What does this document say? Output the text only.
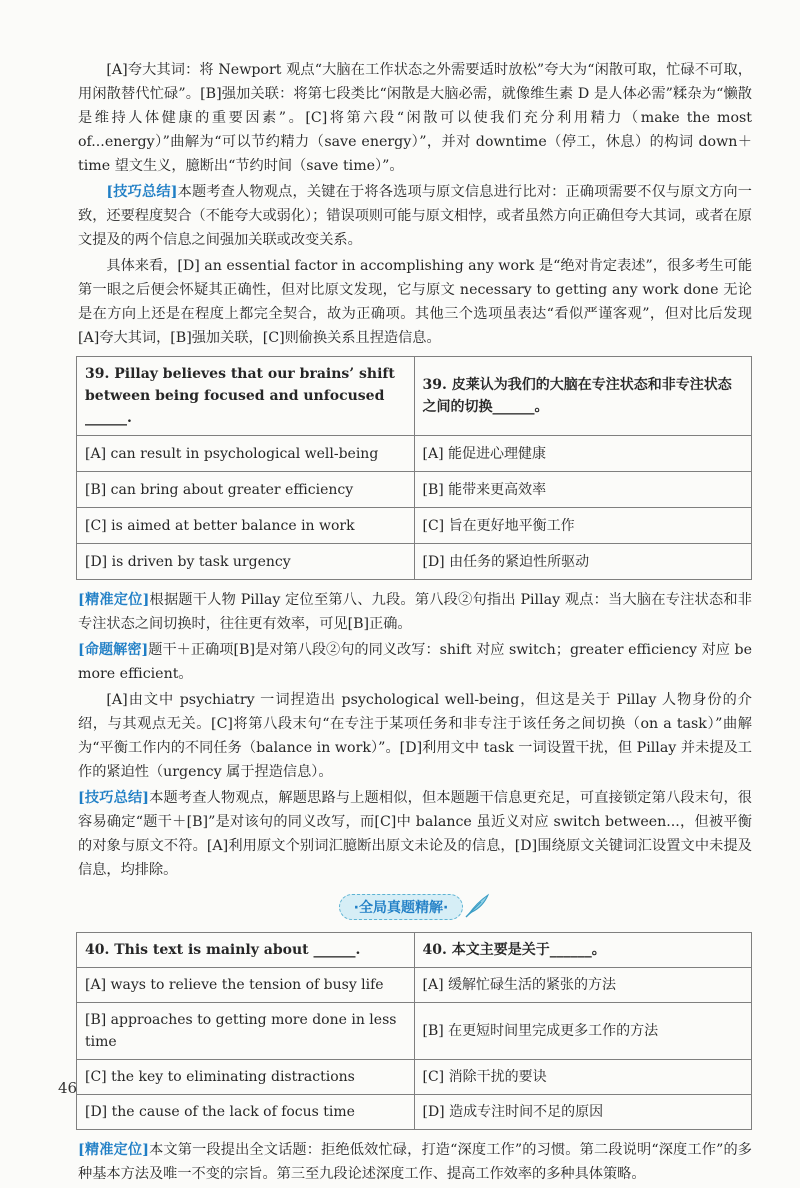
[A]夸大其词：将 Newport 观点“大脑在工作状态之外需要适时放松”夸大为“闲散可取，忙碌不可取，用闲散替代忙碌”。[B]强加关联：将第七段类比“闲散是大脑必需，就像维生素 D 是人体必需”糅杂为“懒散是维持人体健康的重要因素”。[C]将第六段“闲散可以使我们充分利用精力（make the most of...energy）”曲解为“可以节约精力（save energy）”，并对 downtime（停工，休息）的构词 down＋time 望文生义，臆断出“节约时间（save time）”。

[技巧总结]本题考查人物观点，关键在于将各选项与原文信息进行比对：正确项需要不仅与原文方向一致，还要程度契合（不能夸大或弱化）；错误项则可能与原文相悖，或者虽然方向正确但夸大其词，或者在原文提及的两个信息之间强加关联或改变关系。

具体来看，[D] an essential factor in accomplishing any work 是“绝对肯定表述”，很多考生可能第一眼之后便会怀疑其正确性，但对比原文发现，它与原文 necessary to getting any work done 无论是在方向上还是在程度上都完全契合，故为正确项。其他三个选项虽表达“看似严谨客观”，但对比后发现[A]夸大其词，[B]强加关联，[C]则偷换关系且捏造信息。

39. Pillay believes that our brains’ shift between being focused and unfocused ______.	39. 皮莱认为我们的大脑在专注状态和非专注状态之间的切换______。
[A] can result in psychological well-being	[A] 能促进心理健康
[B] can bring about greater efficiency	[B] 能带来更高效率
[C] is aimed at better balance in work	[C] 旨在更好地平衡工作
[D] is driven by task urgency	[D] 由任务的紧迫性所驱动

[精准定位]根据题干人物 Pillay 定位至第八、九段。第八段②句指出 Pillay 观点：当大脑在专注状态和非专注状态之间切换时，往往更有效率，可见[B]正确。

[命题解密]题干＋正确项[B]是对第八段②句的同义改写：shift 对应 switch；greater efficiency 对应 be more efficient。

[A]由文中 psychiatry 一词捏造出 psychological well-being，但这是关于 Pillay 人物身份的介绍，与其观点无关。[C]将第八段末句“在专注于某项任务和非专注于该任务之间切换（on a task）”曲解为“平衡工作内的不同任务（balance in work）”。[D]利用文中 task 一词设置干扰，但 Pillay 并未提及工作的紧迫性（urgency 属于捏造信息）。

[技巧总结]本题考查人物观点，解题思路与上题相似，但本题题干信息更充足，可直接锁定第八段末句，很容易确定“题干＋[B]”是对该句的同义改写，而[C]中 balance 虽近义对应 switch between...，但被平衡的对象与原文不符。[A]利用原文个别词汇臆断出原文未论及的信息，[D]围绕原文关键词汇设置文中未提及信息，均排除。

·全局真题精解·
40. This text is mainly about ______.	40. 本文主要是关于______。
[A] ways to relieve the tension of busy life	[A] 缓解忙碌生活的紧张的方法
[B] approaches to getting more done in less time	[B] 在更短时间里完成更多工作的方法
[C] the key to eliminating distractions	[C] 消除干扰的要诀
[D] the cause of the lack of focus time	[D] 造成专注时间不足的原因

[精准定位]本文第一段提出全文话题：拒绝低效忙碌，打造“深度工作”的习惯。第二段说明“深度工作”的多种基本方法及唯一不变的宗旨。第三至九段论述深度工作、提高工作效率的多种具体策略。

46
